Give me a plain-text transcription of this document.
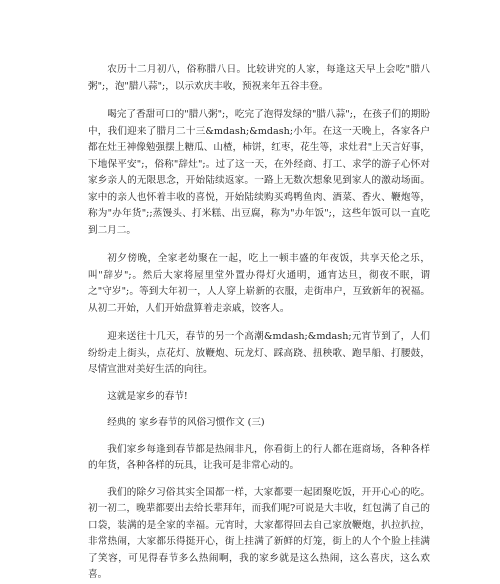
农历十二月初八，俗称腊八日。比较讲究的人家，每逢这天早上会吃"腊八粥";，泡"腊八蒜";，以示欢庆丰收，预祝来年五谷丰登。

喝完了香甜可口的"腊八粥";，吃完了泡得发绿的"腊八蒜";，在孩子们的期盼中，我们迎来了腊月二十三&mdash;&mdash;小年。在这一天晚上，各家各户都在灶王神像勉强摆上糖瓜、山楂，柿饼，红枣，花生等，求灶君"上天言好事，下地保平安";，俗称"辞灶";。过了这一天，在外经商、打工、求学的游子心怀对家乡亲人的无限思念，开始陆续返家。一路上无数次想象见到家人的激动场面。家中的亲人也怀着丰收的喜悦，开始陆续购买鸡鸭鱼肉、酒菜、香火、鞭炮等，称为"办年货";;蒸馒头、打米糕、出豆腐，称为"办年饭";，这些年饭可以一直吃到二月二。

初夕傍晚，全家老幼聚在一起，吃上一顿丰盛的年夜饭，共享天伦之乐，叫"辞岁";。然后大家将屋里堂外置办得灯火通明，通宵达旦，彻夜不眠，谓之"守岁";。等到大年初一，人人穿上崭新的衣服，走街串户，互致新年的祝福。从初二开始，人们开始盘算着走亲戚，饺客人。

迎来送往十几天，春节的另一个高潮&mdash;&mdash;元宵节到了，人们纷纷走上街头，点花灯、放鞭炮、玩龙灯、踩高跷、扭秧歌、跑旱船、打腰鼓，尽情宣泄对美好生活的向往。

这就是家乡的春节!

经典的 家乡春节的风俗习惯作文 (三)

我们家乡每逢到春节都是热闹非凡，你看街上的行人都在逛商场，各种各样的年货，各种各样的玩具，让我可是非常心动的。

我们的除夕习俗其实全国都一样，大家都要一起团聚吃饭，开开心心的吃。初一初二，晚辈都要出去给长辈拜年，而我们呢?可说是大丰收，红包满了自己的口袋，装满的是全家的幸福。元宵时，大家都得回去自己家放鞭炮，扒拉扒拉，非常热闹，大家都乐得挺开心，街上挂满了新鲜的灯笼，街上的人个个脸上挂满了笑容，可见得春节多么热闹啊，我的家乡就是这么热闹，这么喜庆，这么欢喜。
